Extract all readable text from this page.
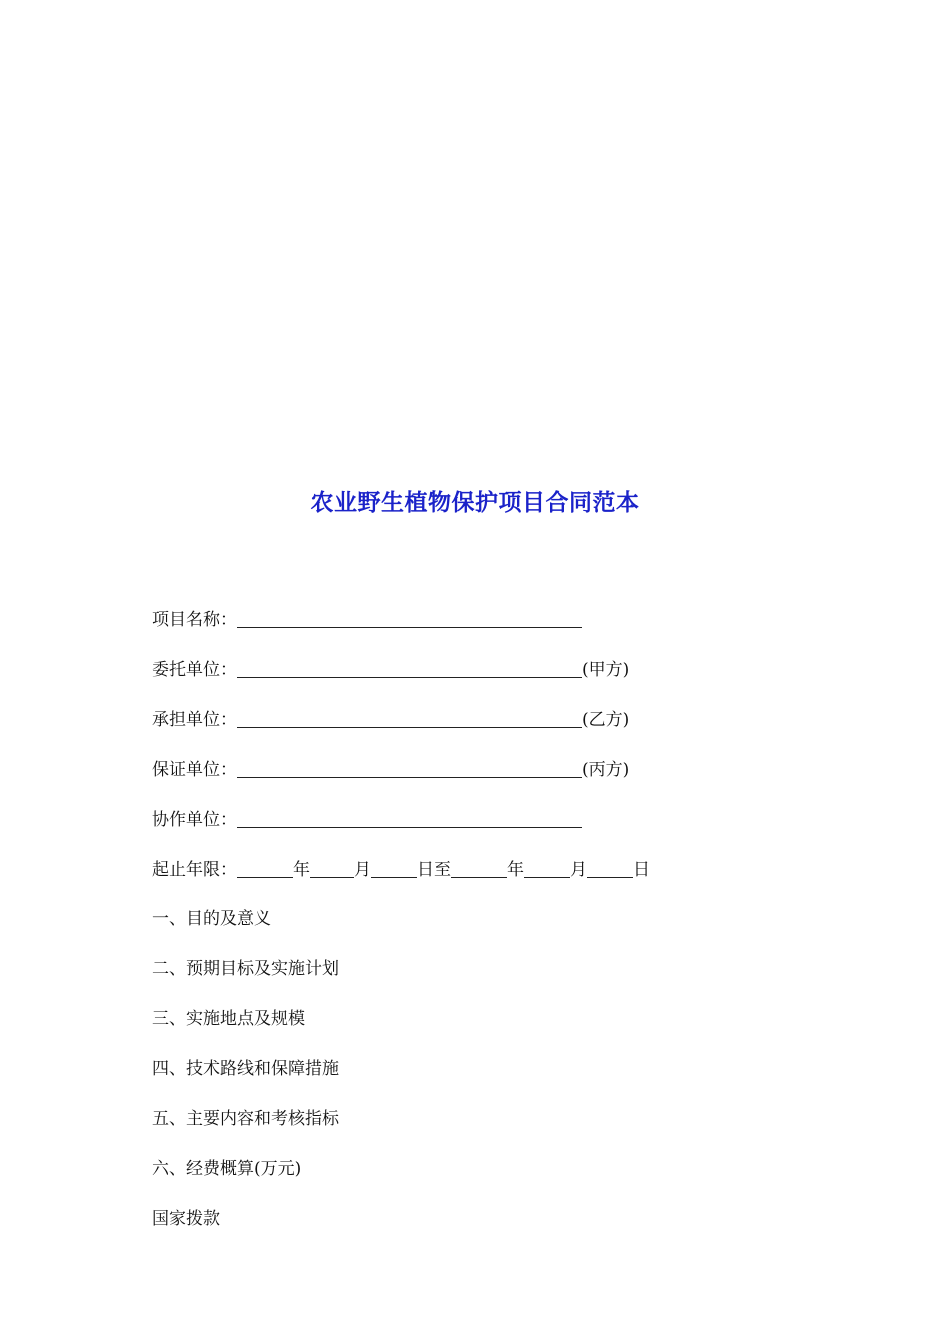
农业野生植物保护项目合同范本
项目名称：
委托单位：	(甲方)
承担单位：	(乙方)
保证单位：	(丙方)
协作单位：
起止年限：	年	月	日至	年	月	日
一、目的及意义
二、预期目标及实施计划
三、实施地点及规模
四、技术路线和保障措施
五、主要内容和考核指标
六、经费概算(万元)
国家拨款
